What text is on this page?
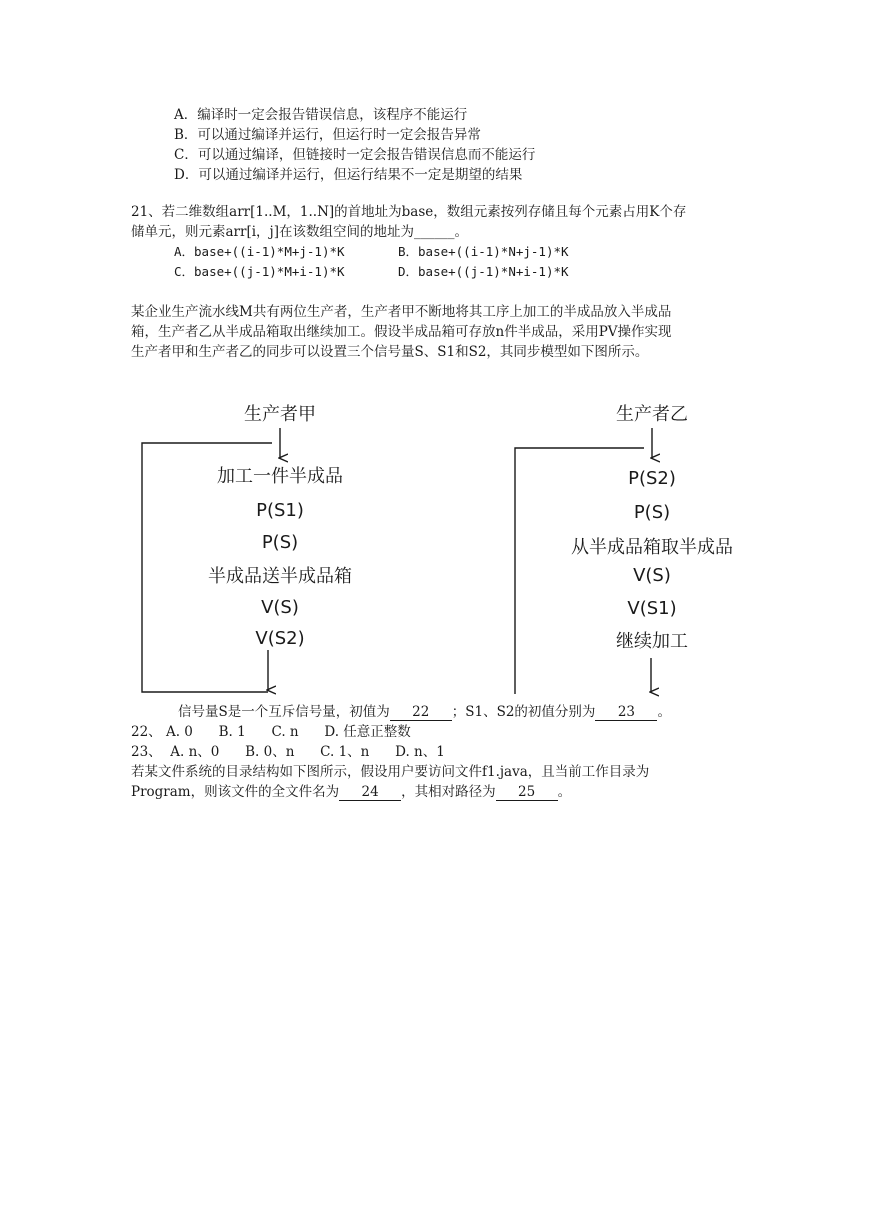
A．编译时一定会报告错误信息，该程序不能运行
B．可以通过编译并运行，但运行时一定会报告异常
C．可以通过编译，但链接时一定会报告错误信息而不能运行
D．可以通过编译并运行，但运行结果不一定是期望的结果
21、若二维数组arr[1..M，1..N]的首地址为base，数组元素按列存储且每个元素占用K个存
储单元，则元素arr[i，j]在该数组空间的地址为______。
A．base+((i-1)*M+j-1)*K	B．base+((i-1)*N+j-1)*K
C．base+((j-1)*M+i-1)*K	D．base+((j-1)*N+i-1)*K
某企业生产流水线M共有两位生产者，生产者甲不断地将其工序上加工的半成品放入半成品
箱，生产者乙从半成品箱取出继续加工。假设半成品箱可存放n件半成品，采用PV操作实现
生产者甲和生产者乙的同步可以设置三个信号量S、S1和S2，其同步模型如下图所示。
生产者甲
加工一件半成品
P(S1)
P(S)
半成品送半成品箱
V(S)
V(S2)
生产者乙
P(S2)
P(S)
从半成品箱取半成品
V(S)
V(S1)
继续加工
信号量S是一个互斥信号量，初值为 22 ；S1、S2的初值分别为 23 。
22、 A. 0      B. 1      C. n      D. 任意正整数
23、  A. n、0      B. 0、n      C. 1、n      D. n、1
若某文件系统的目录结构如下图所示，假设用户要访问文件f1.java，且当前工作目录为
Program，则该文件的全文件名为 24 ，其相对路径为 25 。
